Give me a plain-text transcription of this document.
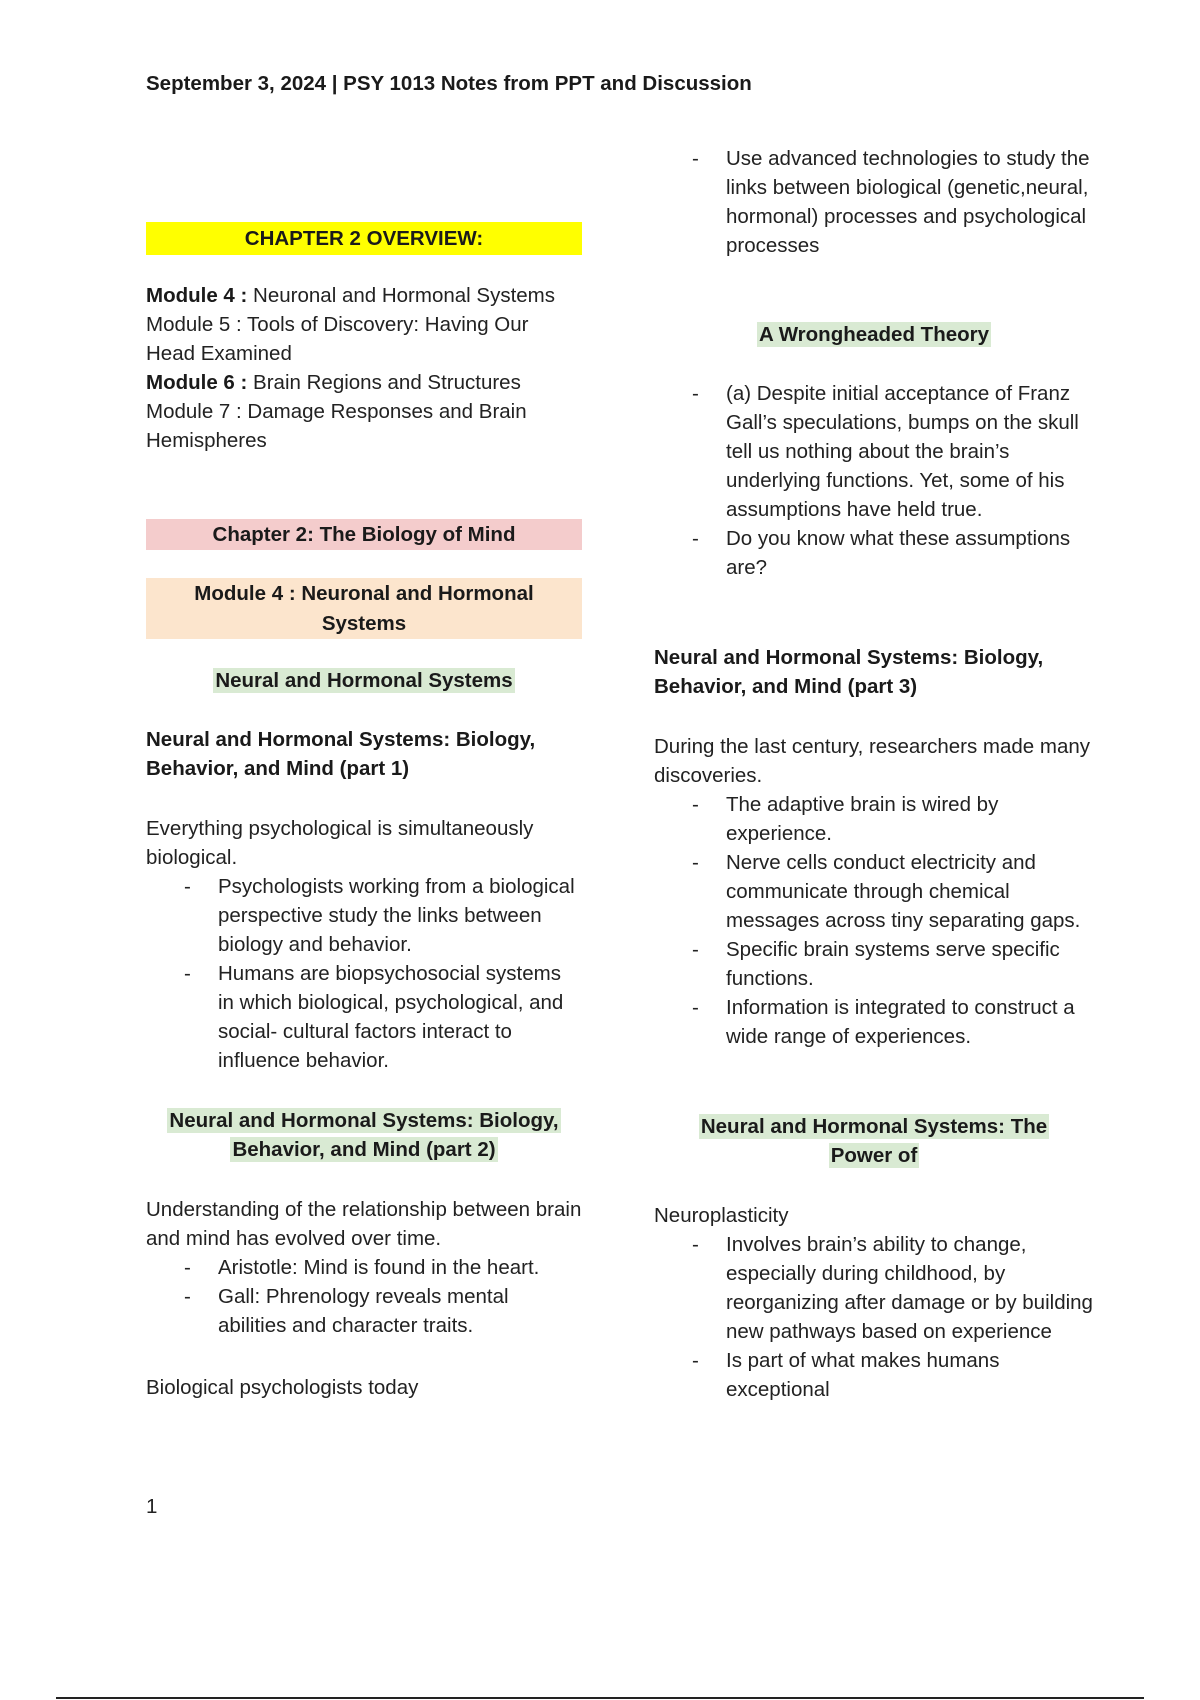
September 3, 2024 | PSY 1013 Notes from PPT and Discussion
CHAPTER 2 OVERVIEW:

Module 4 : Neuronal and Hormonal Systems

Module 5 : Tools of Discovery: Having Our Head Examined

Module 6 : Brain Regions and Structures

Module 7 : Damage Responses and Brain Hemispheres

Chapter 2: The Biology of Mind
Module 4 : Neuronal and Hormonal Systems
Neural and Hormonal Systems
Neural and Hormonal Systems: Biology, Behavior, and Mind (part 1)

Everything psychological is simultaneously biological.

- Psychologists working from a biological perspective study the links between biology and behavior.
- Humans are biopsychosocial systems in which biological, psychological, and social- cultural factors interact to influence behavior.
Neural and Hormonal Systems: Biology, Behavior, and Mind (part 2)

Understanding of the relationship between brain and mind has evolved over time.

- Aristotle: Mind is found in the heart.
- Gall: Phrenology reveals mental abilities and character traits.
Biological psychologists today
- Use advanced technologies to study the links between biological (genetic,neural, hormonal) processes and psychological processes
A Wrongheaded Theory
- (a) Despite initial acceptance of Franz Gall’s speculations, bumps on the skull tell us nothing about the brain’s underlying functions. Yet, some of his assumptions have held true.
- Do you know what these assumptions are?
Neural and Hormonal Systems: Biology, Behavior, and Mind (part 3)

During the last century, researchers made many discoveries.

- The adaptive brain is wired by experience.
- Nerve cells conduct electricity and communicate through chemical messages across tiny separating gaps.
- Specific brain systems serve specific functions.
- Information is integrated to construct a wide range of experiences.
Neural and Hormonal Systems: The Power of

Neuroplasticity

- Involves brain’s ability to change, especially during childhood, by reorganizing after damage or by building new pathways based on experience
- Is part of what makes humans exceptional
1
